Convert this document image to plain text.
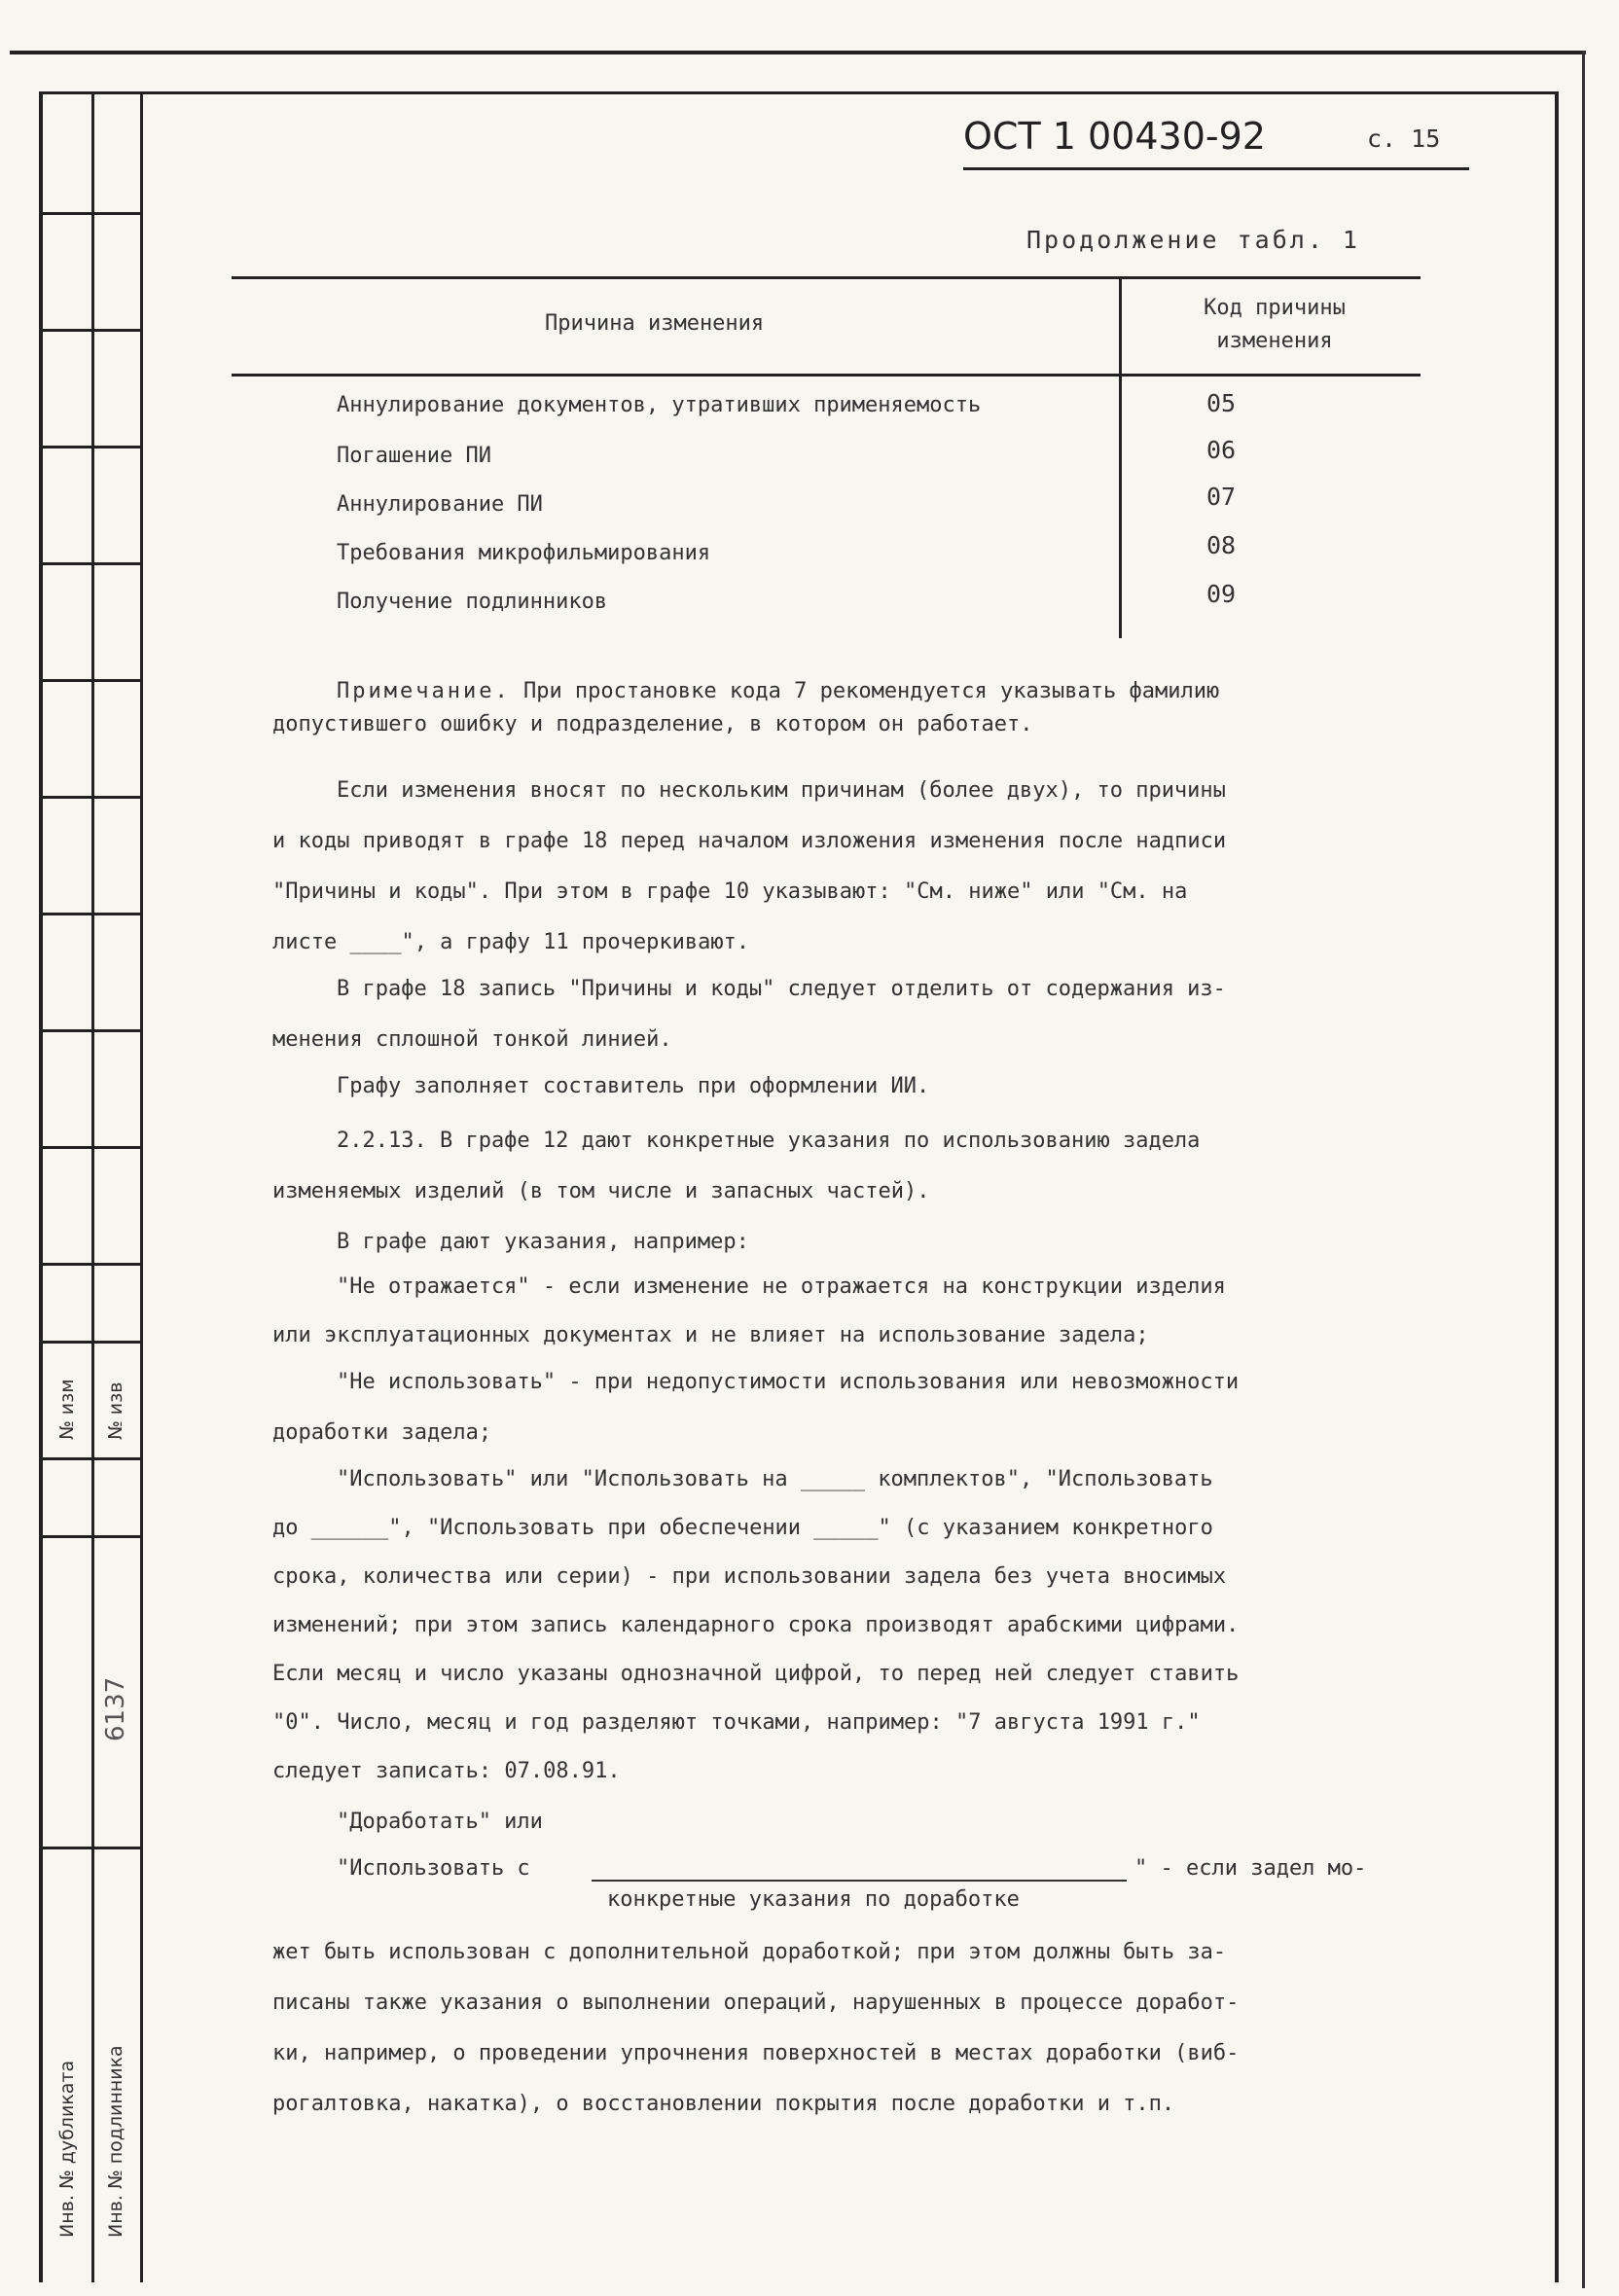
№ изм № изв
Инв. № дубликата Инв. № подлинника
6137
ОСТ 1 00430-92	с. 15
Продолжение табл. 1
Причина изменения
Код причины
изменения
Аннулирование документов, утративших применяемость	05
Погашение ПИ	06
Аннулирование ПИ	07
Требования микрофильмирования	08
Получение подлинников	09
Примечание. При простановке кода 7 рекомендуется указывать фамилию
допустившего ошибку и подразделение, в котором он работает.
Если изменения вносят по нескольким причинам (более двух), то причины
и коды приводят в графе 18 перед началом изложения изменения после надписи
"Причины и коды". При этом в графе 10 указывают: "См. ниже" или "См. на
листе ____", а графу 11 прочеркивают.
В графе 18 запись "Причины и коды" следует отделить от содержания из-
менения сплошной тонкой линией.
Графу заполняет составитель при оформлении ИИ.
2.2.13. В графе 12 дают конкретные указания по использованию задела
изменяемых изделий (в том числе и запасных частей).
В графе дают указания, например:
"Не отражается" - если изменение не отражается на конструкции изделия
или эксплуатационных документах и не влияет на использование задела;
"Не использовать" - при недопустимости использования или невозможности
доработки задела;
"Использовать" или "Использовать на _____ комплектов", "Использовать
до ______", "Использовать при обеспечении _____" (с указанием конкретного
срока, количества или серии) - при использовании задела без учета вносимых
изменений; при этом запись календарного срока производят арабскими цифрами.
Если месяц и число указаны однозначной цифрой, то перед ней следует ставить
"0". Число, месяц и год разделяют точками, например: "7 августа 1991 г."
следует записать: 07.08.91.
"Доработать" или
"Использовать с	" - если задел мо-
конкретные указания по доработке
жет быть использован с дополнительной доработкой; при этом должны быть за-
писаны также указания о выполнении операций, нарушенных в процессе доработ-
ки, например, о проведении упрочнения поверхностей в местах доработки (виб-
рогалтовка, накатка), о восстановлении покрытия после доработки и т.п.
